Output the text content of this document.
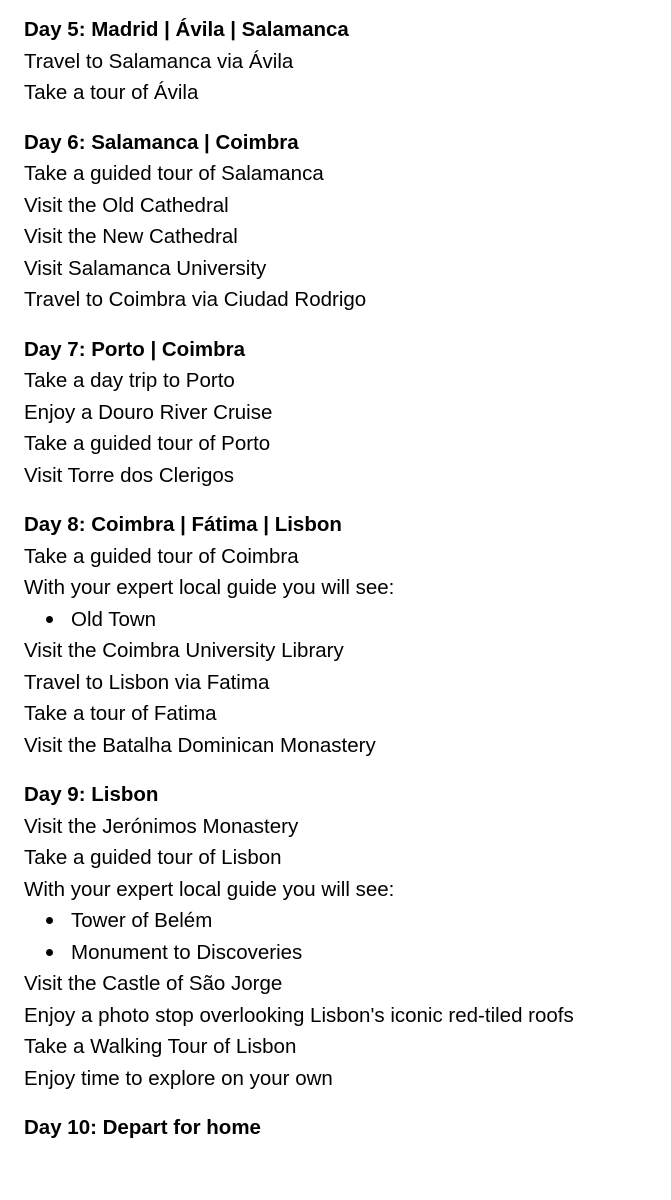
Day 5: Madrid | Ávila | Salamanca
Travel to Salamanca via Ávila
Take a tour of Ávila
Day 6: Salamanca | Coimbra
Take a guided tour of Salamanca
Visit the Old Cathedral
Visit the New Cathedral
Visit Salamanca University
Travel to Coimbra via Ciudad Rodrigo
Day 7: Porto | Coimbra
Take a day trip to Porto
Enjoy a Douro River Cruise
Take a guided tour of Porto
Visit Torre dos Clerigos
Day 8: Coimbra | Fátima | Lisbon
Take a guided tour of Coimbra
With your expert local guide you will see:
Old Town
Visit the Coimbra University Library
Travel to Lisbon via Fatima
Take a tour of Fatima
Visit the Batalha Dominican Monastery
Day 9: Lisbon
Visit the Jerónimos Monastery
Take a guided tour of Lisbon
With your expert local guide you will see:
Tower of Belém
Monument to Discoveries
Visit the Castle of São Jorge
Enjoy a photo stop overlooking Lisbon's iconic red-tiled roofs
Take a Walking Tour of Lisbon
Enjoy time to explore on your own
Day 10: Depart for home
